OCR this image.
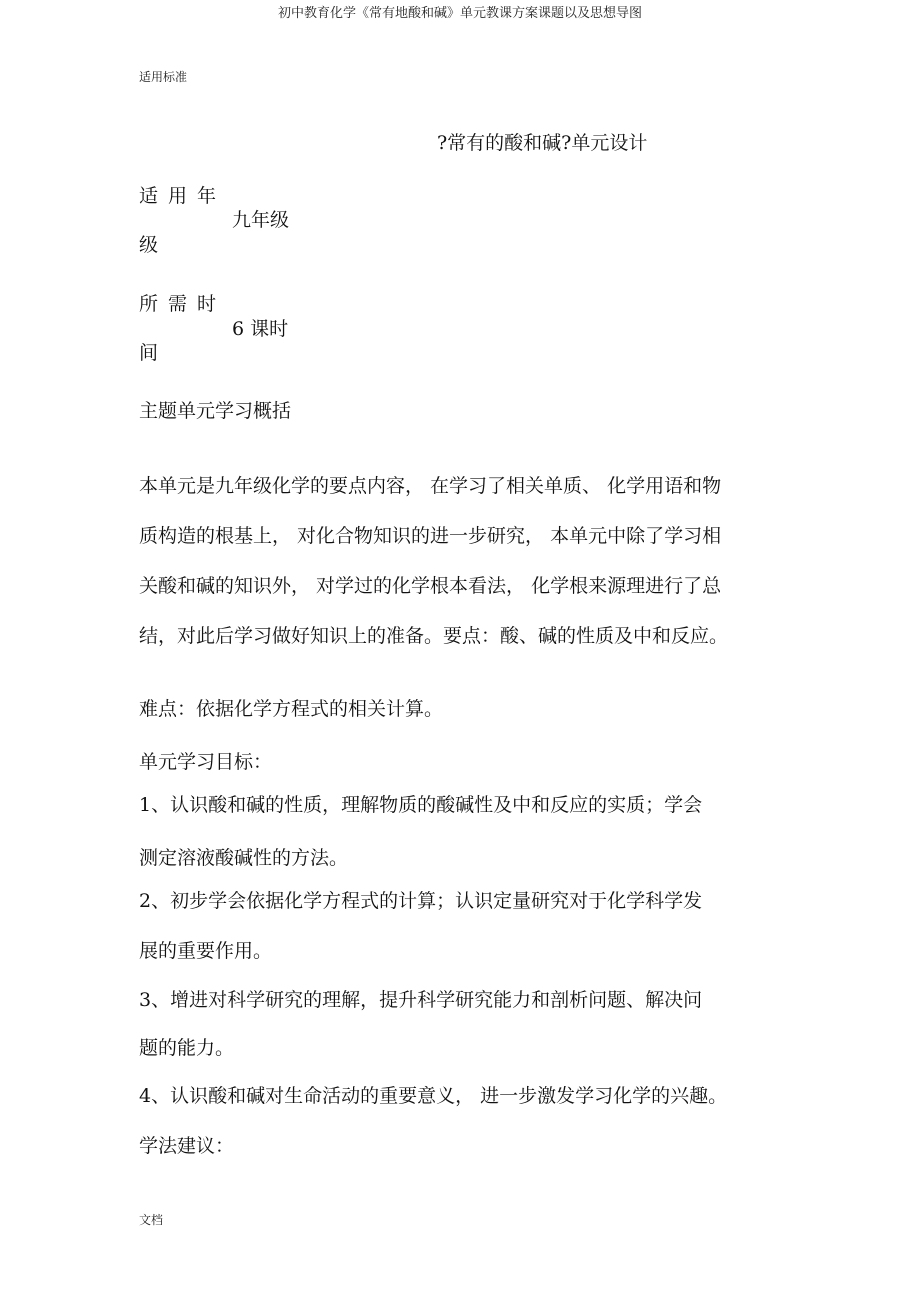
初中教育化学《常有地酸和碱》单元教课方案课题以及思想导图
适用标准
?常有的酸和碱?单元设计
适用年
九年级
级
所需时
6 课时
间
主题单元学习概括
本单元是九年级化学的要点内容， 在学习了相关单质、 化学用语和物
质构造的根基上， 对化合物知识的进一步研究， 本单元中除了学习相
关酸和碱的知识外， 对学过的化学根本看法， 化学根来源理进行了总
结，对此后学习做好知识上的准备。要点：酸、碱的性质及中和反应。
难点：依据化学方程式的相关计算。
单元学习目标：
1、认识酸和碱的性质，理解物质的酸碱性及中和反应的实质；学会
测定溶液酸碱性的方法。
2、初步学会依据化学方程式的计算；认识定量研究对于化学科学发
展的重要作用。
3、增进对科学研究的理解，提升科学研究能力和剖析问题、解决问
题的能力。
4、认识酸和碱对生命活动的重要意义， 进一步激发学习化学的兴趣。
学法建议：
文档
